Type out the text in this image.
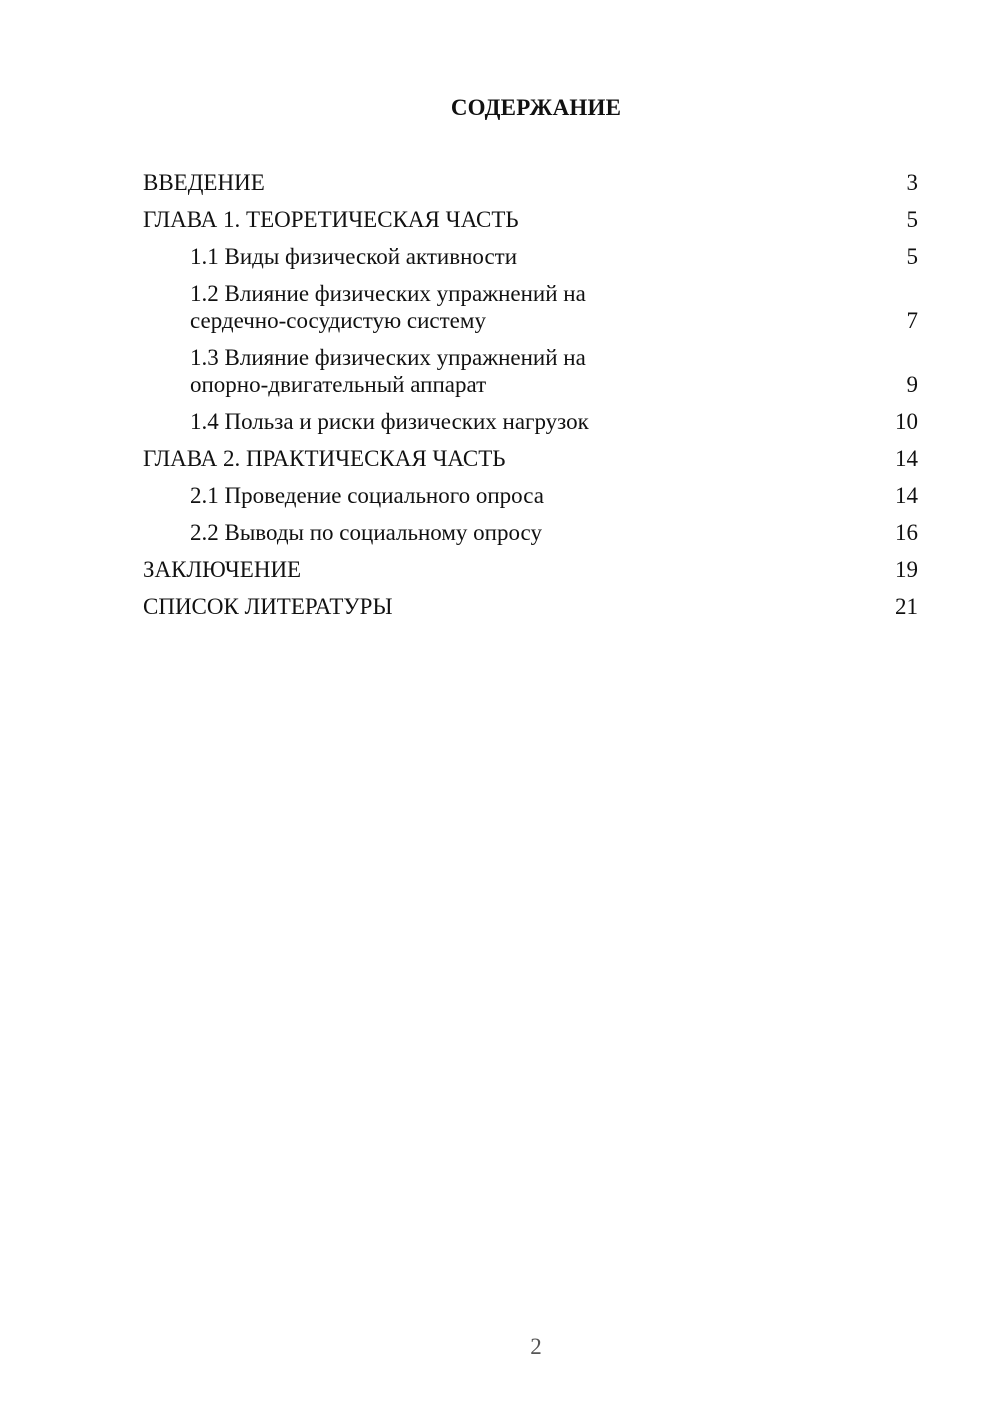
СОДЕРЖАНИЕ
ВВЕДЕНИЕ	3
ГЛАВА 1. ТЕОРЕТИЧЕСКАЯ ЧАСТЬ	5
1.1 Виды физической активности	5
1.2 Влияние физических упражнений на сердечно-сосудистую систему	7
1.3 Влияние физических упражнений на опорно-двигательный аппарат	9
1.4 Польза и риски физических нагрузок	10
ГЛАВА 2. ПРАКТИЧЕСКАЯ ЧАСТЬ	14
2.1 Проведение социального опроса	14
2.2 Выводы по социальному опросу	16
ЗАКЛЮЧЕНИЕ	19
СПИСОК ЛИТЕРАТУРЫ	21
2
